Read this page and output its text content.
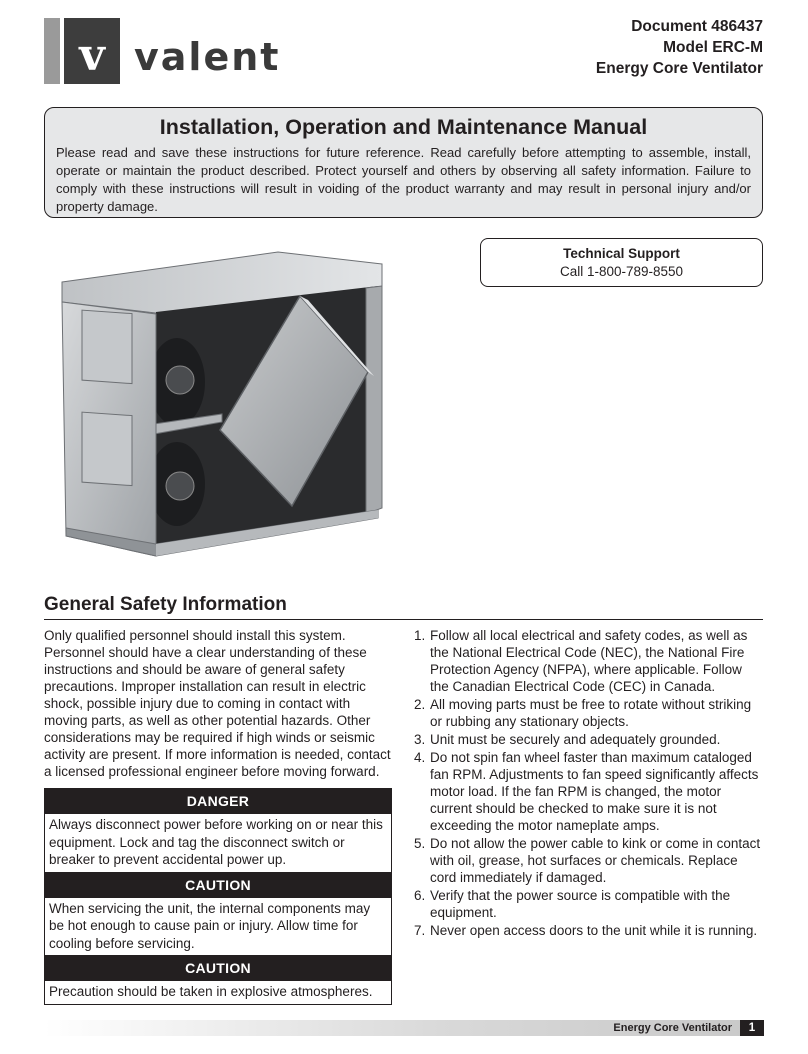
v valent
Document 486437
Model ERC-M
Energy Core Ventilator
Installation, Operation and Maintenance Manual
Please read and save these instructions for future reference. Read carefully before attempting to assemble, install, operate or maintain the product described. Protect yourself and others by observing all safety information. Failure to comply with these instructions will result in voiding of the product warranty and may result in personal injury and/or property damage.
Technical Support
Call 1-800-789-8550
General Safety Information

Only qualified personnel should install this system. Personnel should have a clear understanding of these instructions and should be aware of general safety precautions. Improper installation can result in electric shock, possible injury due to coming in contact with moving parts, as well as other potential hazards. Other considerations may be required if high winds or seismic activity are present. If more information is needed, contact a licensed professional engineer before moving forward.

DANGER
Always disconnect power before working on or near this equipment. Lock and tag the disconnect switch or breaker to prevent accidental power up.
CAUTION
When servicing the unit, the internal components may be hot enough to cause pain or injury. Allow time for cooling before servicing.
CAUTION
Precaution should be taken in explosive atmospheres.
1. Follow all local electrical and safety codes, as well as the National Electrical Code (NEC), the National Fire Protection Agency (NFPA), where applicable. Follow the Canadian Electrical Code (CEC) in Canada.
2. All moving parts must be free to rotate without striking or rubbing any stationary objects.
3. Unit must be securely and adequately grounded.
4. Do not spin fan wheel faster than maximum cataloged fan RPM. Adjustments to fan speed significantly affects motor load. If the fan RPM is changed, the motor current should be checked to make sure it is not exceeding the motor nameplate amps.
5. Do not allow the power cable to kink or come in contact with oil, grease, hot surfaces or chemicals. Replace cord immediately if damaged.
6. Verify that the power source is compatible with the equipment.
7. Never open access doors to the unit while it is running.
Energy Core Ventilator	1
